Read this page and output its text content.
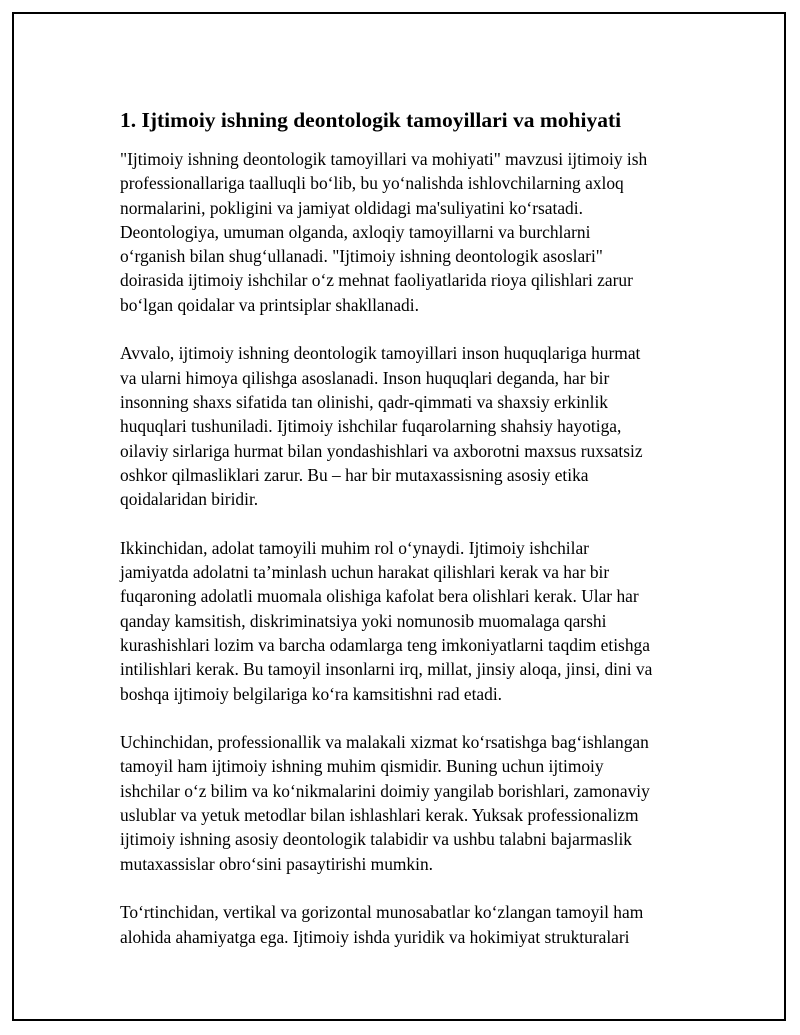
1. Ijtimoiy ishning deontologik tamoyillari va mohiyati
"Ijtimoiy ishning deontologik tamoyillari va mohiyati" mavzusi ijtimoiy ish
professionallariga taalluqli bo‘lib, bu yo‘nalishda ishlovchilarning axloq
normalarini, pokligini va jamiyat oldidagi ma'suliyatini ko‘rsatadi.
Deontologiya, umuman olganda, axloqiy tamoyillarni va burchlarni
o‘rganish bilan shug‘ullanadi. "Ijtimoiy ishning deontologik asoslari"
doirasida ijtimoiy ishchilar o‘z mehnat faoliyatlarida rioya qilishlari zarur
bo‘lgan qoidalar va printsiplar shakllanadi.
Avvalo, ijtimoiy ishning deontologik tamoyillari inson huquqlariga hurmat
va ularni himoya qilishga asoslanadi. Inson huquqlari deganda, har bir
insonning shaxs sifatida tan olinishi, qadr-qimmati va shaxsiy erkinlik
huquqlari tushuniladi. Ijtimoiy ishchilar fuqarolarning shahsiy hayotiga,
oilaviy sirlariga hurmat bilan yondashishlari va axborotni maxsus ruxsatsiz
oshkor qilmasliklari zarur. Bu – har bir mutaxassisning asosiy etika
qoidalaridan biridir.
Ikkinchidan, adolat tamoyili muhim rol o‘ynaydi. Ijtimoiy ishchilar
jamiyatda adolatni ta’minlash uchun harakat qilishlari kerak va har bir
fuqaroning adolatli muomala olishiga kafolat bera olishlari kerak. Ular har
qanday kamsitish, diskriminatsiya yoki nomunosib muomalaga qarshi
kurashishlari lozim va barcha odamlarga teng imkoniyatlarni taqdim etishga
intilishlari kerak. Bu tamoyil insonlarni irq, millat, jinsiy aloqa, jinsi, dini va
boshqa ijtimoiy belgilariga ko‘ra kamsitishni rad etadi.
Uchinchidan, professionallik va malakali xizmat ko‘rsatishga bag‘ishlangan
tamoyil ham ijtimoiy ishning muhim qismidir. Buning uchun ijtimoiy
ishchilar o‘z bilim va ko‘nikmalarini doimiy yangilab borishlari, zamonaviy
uslublar va yetuk metodlar bilan ishlashlari kerak. Yuksak professionalizm
ijtimoiy ishning asosiy deontologik talabidir va ushbu talabni bajarmaslik
mutaxassislar obro‘sini pasaytirishi mumkin.
To‘rtinchidan, vertikal va gorizontal munosabatlar ko‘zlangan tamoyil ham
alohida ahamiyatga ega. Ijtimoiy ishda yuridik va hokimiyat strukturalari
